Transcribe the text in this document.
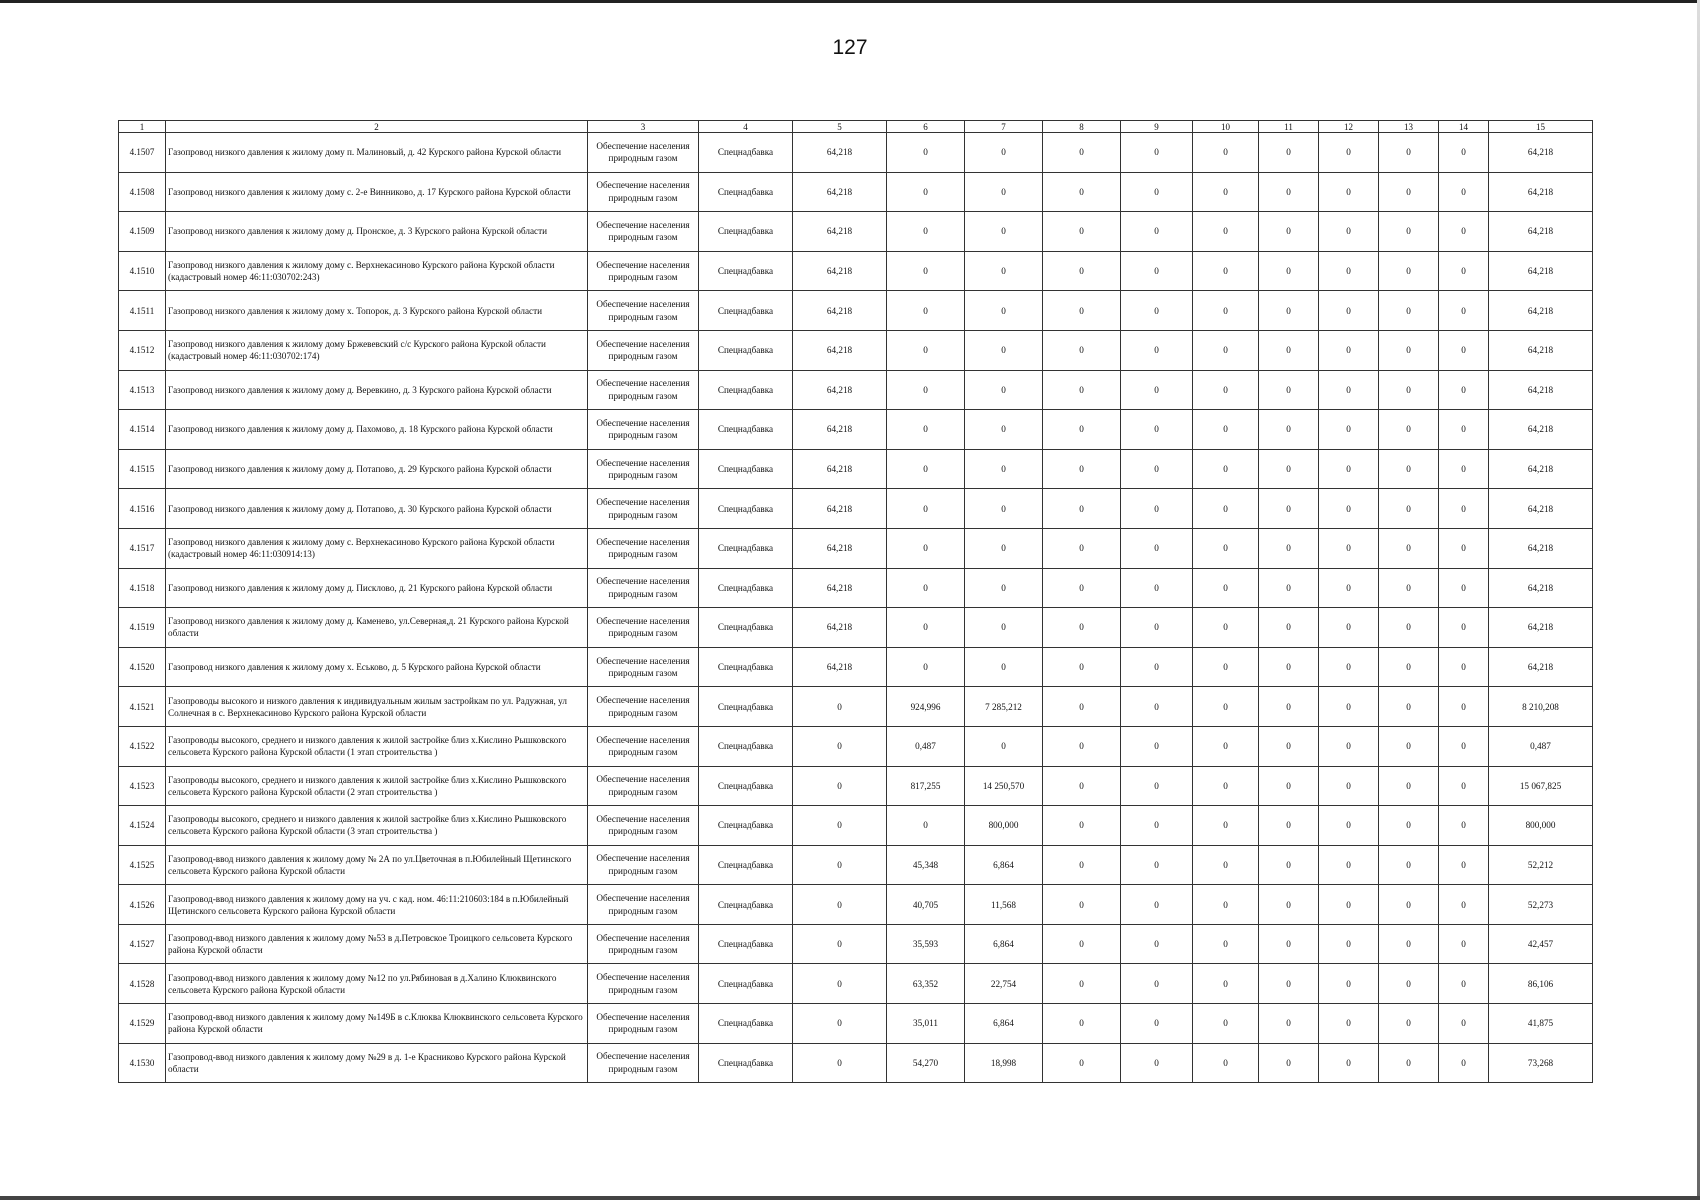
127
1	2	3	4	5	6	7	8	9	10	11	12	13	14	15
4.1507	Газопровод низкого давления к жилому дому п. Малиновый, д. 42 Курского района Курской области	Обеспечение населения природным газом	Спецнадбавка	64,218	0	0	0	0	0	0	0	0	0	64,218
4.1508	Газопровод низкого давления к жилому дому с. 2-е Винниково, д. 17 Курского района Курской области	Обеспечение населения природным газом	Спецнадбавка	64,218	0	0	0	0	0	0	0	0	0	64,218
4.1509	Газопровод низкого давления к жилому дому д. Пронское, д. 3 Курского района Курской области	Обеспечение населения природным газом	Спецнадбавка	64,218	0	0	0	0	0	0	0	0	0	64,218
4.1510	Газопровод низкого давления к жилому дому с. Верхнекасиново Курского района Курской области (кадастровый номер 46:11:030702:243)	Обеспечение населения природным газом	Спецнадбавка	64,218	0	0	0	0	0	0	0	0	0	64,218
4.1511	Газопровод низкого давления к жилому дому х. Топорок, д. 3 Курского района Курской области	Обеспечение населения природным газом	Спецнадбавка	64,218	0	0	0	0	0	0	0	0	0	64,218
4.1512	Газопровод низкого давления к жилому дому Бржевевский с/с Курского района Курской области (кадастровый номер 46:11:030702:174)	Обеспечение населения природным газом	Спецнадбавка	64,218	0	0	0	0	0	0	0	0	0	64,218
4.1513	Газопровод низкого давления к жилому дому д. Веревкино, д. 3 Курского района Курской области	Обеспечение населения природным газом	Спецнадбавка	64,218	0	0	0	0	0	0	0	0	0	64,218
4.1514	Газопровод низкого давления к жилому дому д. Пахомово, д. 18 Курского района Курской области	Обеспечение населения природным газом	Спецнадбавка	64,218	0	0	0	0	0	0	0	0	0	64,218
4.1515	Газопровод низкого давления к жилому дому д. Потапово, д. 29 Курского района Курской области	Обеспечение населения природным газом	Спецнадбавка	64,218	0	0	0	0	0	0	0	0	0	64,218
4.1516	Газопровод низкого давления к жилому дому д. Потапово, д. 30 Курского района Курской области	Обеспечение населения природным газом	Спецнадбавка	64,218	0	0	0	0	0	0	0	0	0	64,218
4.1517	Газопровод низкого давления к жилому дому с. Верхнекасиново Курского района Курской области (кадастровый номер 46:11:030914:13)	Обеспечение населения природным газом	Спецнадбавка	64,218	0	0	0	0	0	0	0	0	0	64,218
4.1518	Газопровод низкого давления к жилому дому д. Писклово, д. 21 Курского района Курской области	Обеспечение населения природным газом	Спецнадбавка	64,218	0	0	0	0	0	0	0	0	0	64,218
4.1519	Газопровод низкого давления к жилому дому д. Каменево, ул.Северная,д. 21 Курского района Курской области	Обеспечение населения природным газом	Спецнадбавка	64,218	0	0	0	0	0	0	0	0	0	64,218
4.1520	Газопровод низкого давления к жилому дому х. Еськово, д. 5 Курского района Курской области	Обеспечение населения природным газом	Спецнадбавка	64,218	0	0	0	0	0	0	0	0	0	64,218
4.1521	Газопроводы высокого и низкого давления к индивидуальным жилым застройкам по ул. Радужная, ул Солнечная в с. Верхнекасиново Курского района Курской области	Обеспечение населения природным газом	Спецнадбавка	0	924,996	7 285,212	0	0	0	0	0	0	0	8 210,208
4.1522	Газопроводы высокого, среднего и низкого давления к жилой застройке близ х.Кислино Рышковского сельсовета Курского района Курской области (1 этап строительства )	Обеспечение населения природным газом	Спецнадбавка	0	0,487	0	0	0	0	0	0	0	0	0,487
4.1523	Газопроводы высокого, среднего и низкого давления к жилой застройке близ х.Кислино Рышковского сельсовета Курского района Курской области (2 этап строительства )	Обеспечение населения природным газом	Спецнадбавка	0	817,255	14 250,570	0	0	0	0	0	0	0	15 067,825
4.1524	Газопроводы высокого, среднего и низкого давления к жилой застройке близ х.Кислино Рышковского сельсовета Курского района Курской области (3 этап строительства )	Обеспечение населения природным газом	Спецнадбавка	0	0	800,000	0	0	0	0	0	0	0	800,000
4.1525	Газопровод-ввод низкого давления к жилому дому № 2А по ул.Цветочная в п.Юбилейный Щетинского сельсовета Курского района Курской области	Обеспечение населения природным газом	Спецнадбавка	0	45,348	6,864	0	0	0	0	0	0	0	52,212
4.1526	Газопровод-ввод низкого давления к жилому дому на уч. с кад. ном. 46:11:210603:184 в п.Юбилейный Щетинского сельсовета Курского района Курской области	Обеспечение населения природным газом	Спецнадбавка	0	40,705	11,568	0	0	0	0	0	0	0	52,273
4.1527	Газопровод-ввод низкого давления к жилому дому №53 в д.Петровское Троицкого сельсовета Курского района Курской области	Обеспечение населения природным газом	Спецнадбавка	0	35,593	6,864	0	0	0	0	0	0	0	42,457
4.1528	Газопровод-ввод низкого давления к жилому дому №12 по ул.Рябиновая в д.Халино Клюквинского сельсовета Курского района Курской области	Обеспечение населения природным газом	Спецнадбавка	0	63,352	22,754	0	0	0	0	0	0	0	86,106
4.1529	Газопровод-ввод низкого давления к жилому дому №149Б в с.Клюква Клюквинского сельсовета Курского района Курской области	Обеспечение населения природным газом	Спецнадбавка	0	35,011	6,864	0	0	0	0	0	0	0	41,875
4.1530	Газопровод-ввод низкого давления к жилому дому №29 в д. 1-е Красниково Курского района Курской области	Обеспечение населения природным газом	Спецнадбавка	0	54,270	18,998	0	0	0	0	0	0	0	73,268
